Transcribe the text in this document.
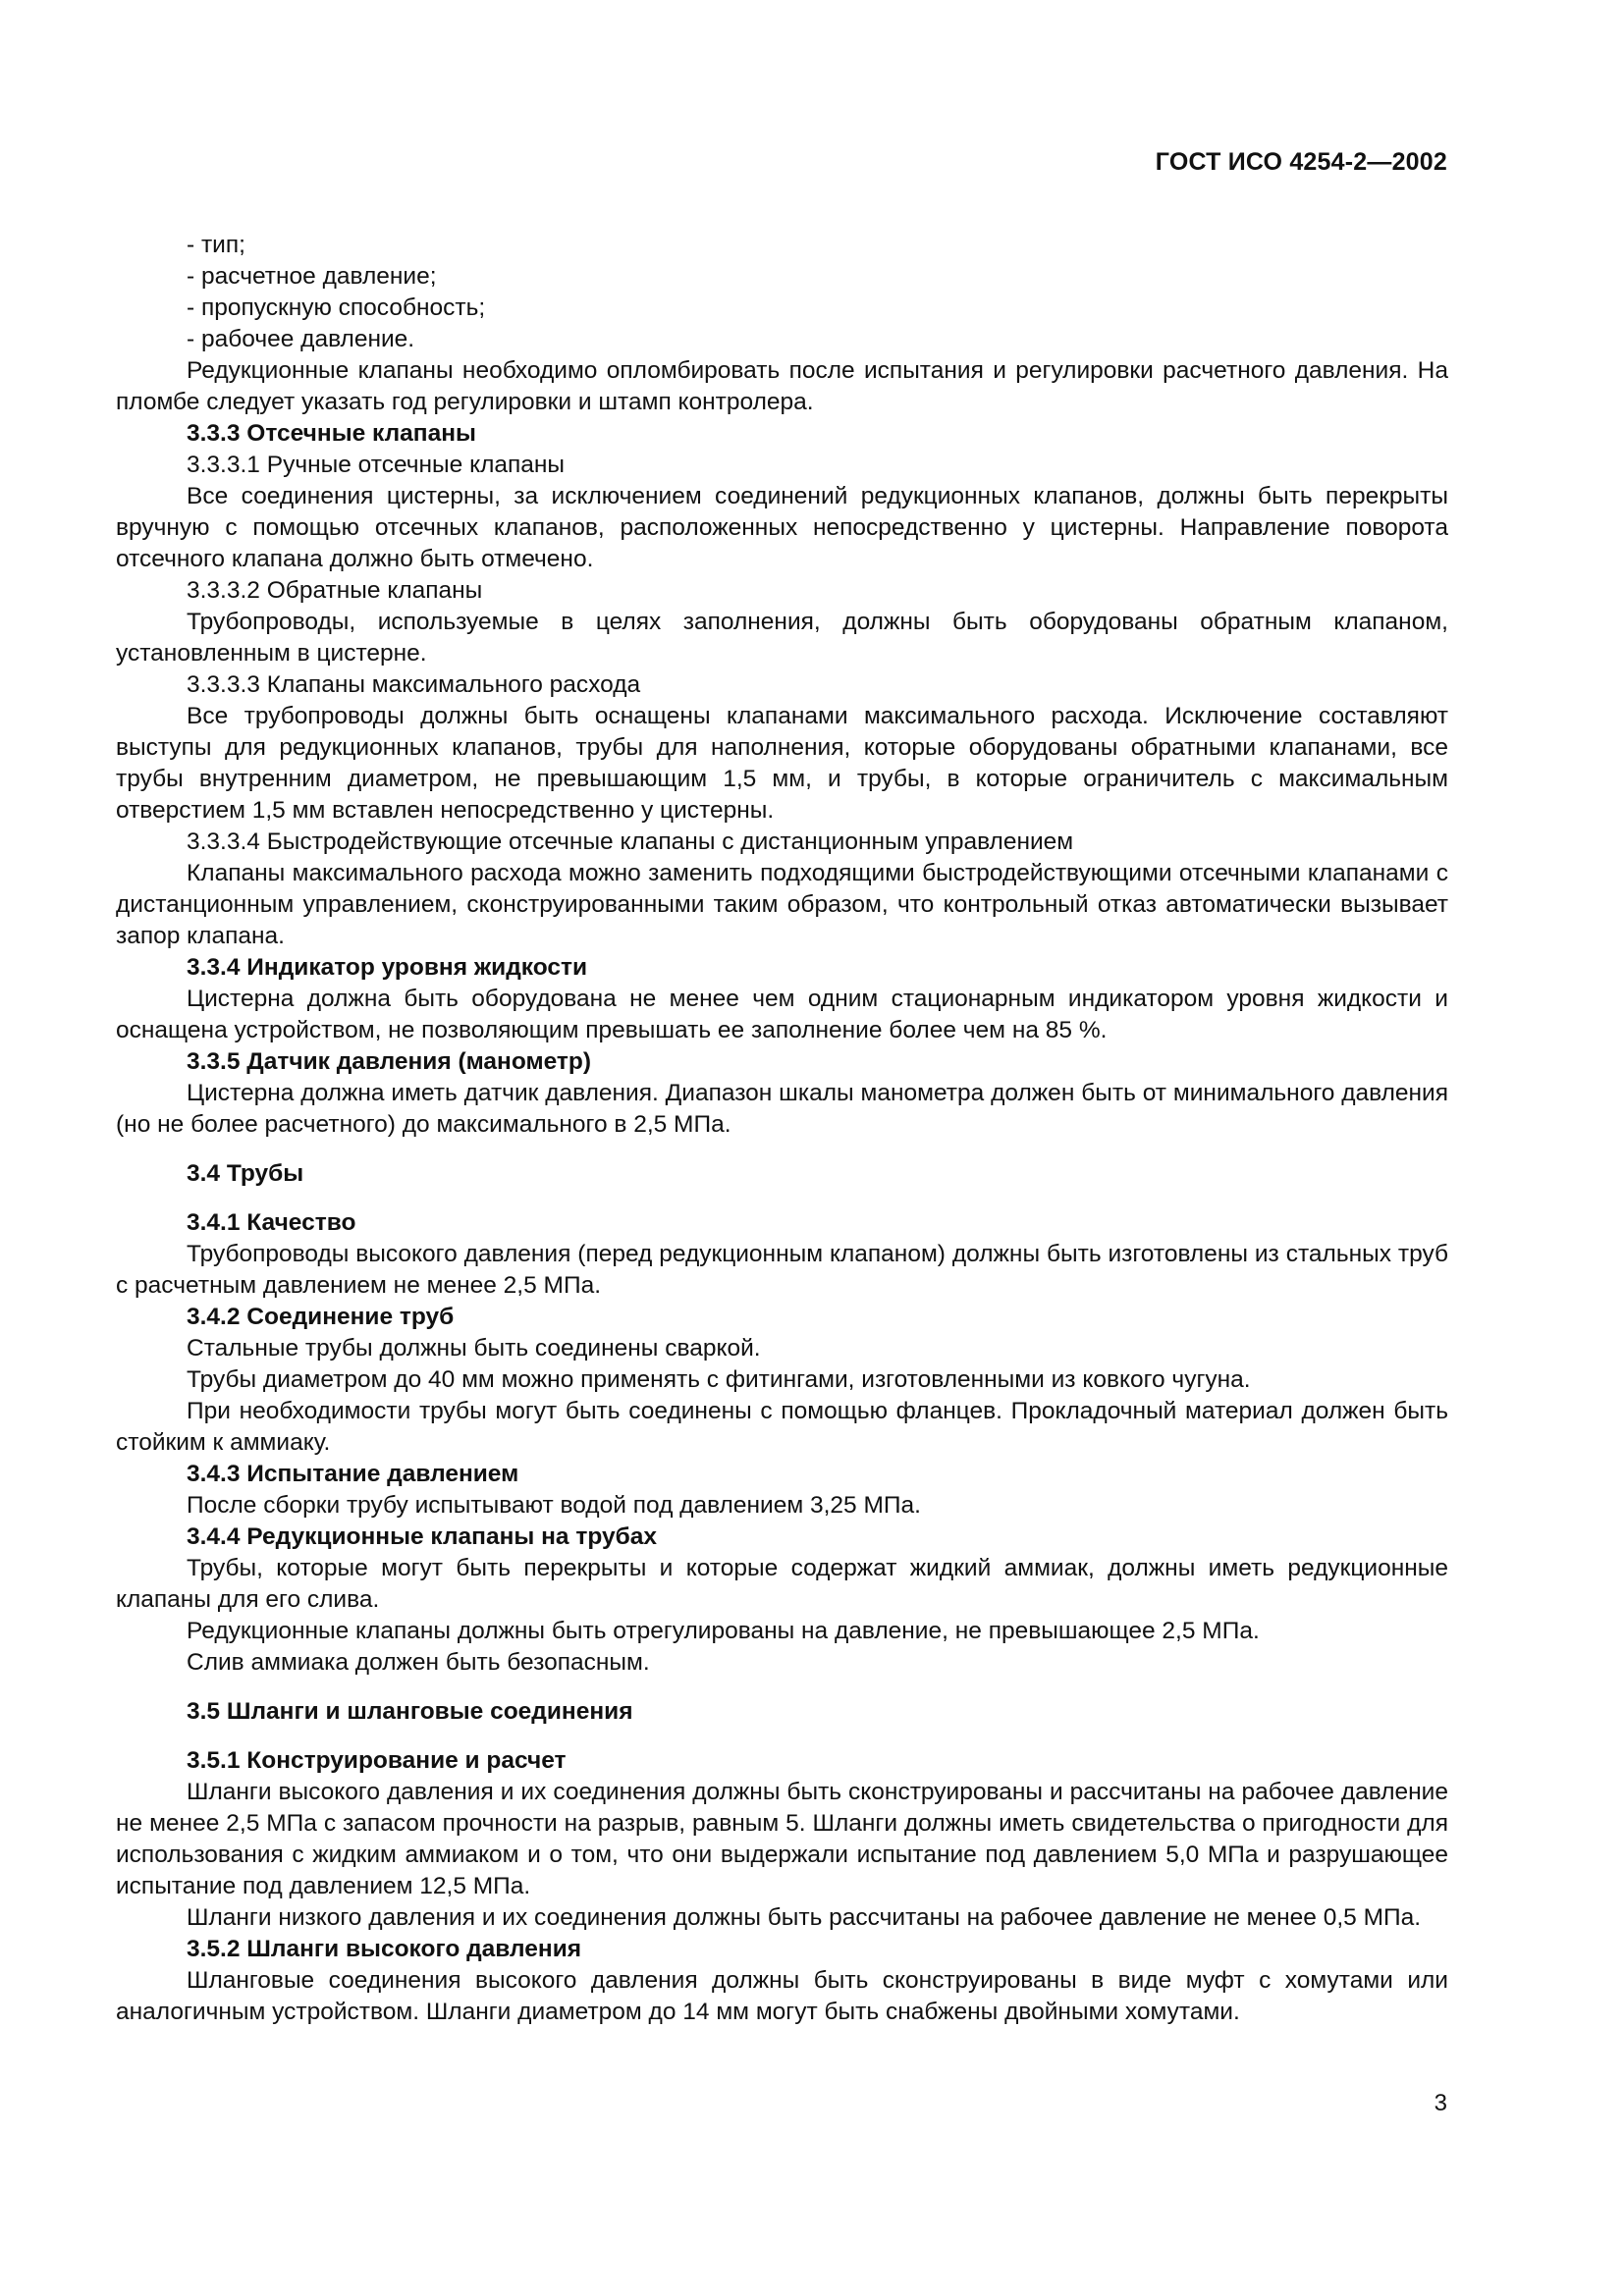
ГОСТ ИСО 4254-2—2002

- тип;

- расчетное давление;

- пропускную способность;

- рабочее давление.

Редукционные клапаны необходимо опломбировать после испытания и регулировки расчетного давления. На пломбе следует указать год регулировки и штамп контролера.

3.3.3 Отсечные клапаны

3.3.3.1 Ручные отсечные клапаны

Все соединения цистерны, за исключением соединений редукционных клапанов, должны быть перекрыты вручную с помощью отсечных клапанов, расположенных непосредственно у цистерны. Направление поворота отсечного клапана должно быть отмечено.

3.3.3.2 Обратные клапаны

Трубопроводы, используемые в целях заполнения, должны быть оборудованы обратным клапаном, установленным в цистерне.

3.3.3.3 Клапаны максимального расхода

Все трубопроводы должны быть оснащены клапанами максимального расхода. Исключение составляют выступы для редукционных клапанов, трубы для наполнения, которые оборудованы обратными клапанами, все трубы внутренним диаметром, не превышающим 1,5 мм, и трубы, в которые ограничитель с максимальным отверстием 1,5 мм вставлен непосредственно у цистерны.

3.3.3.4 Быстродействующие отсечные клапаны с дистанционным управлением

Клапаны максимального расхода можно заменить подходящими быстродействующими отсечными клапанами с дистанционным управлением, сконструированными таким образом, что контрольный отказ автоматически вызывает запор клапана.

3.3.4 Индикатор уровня жидкости

Цистерна должна быть оборудована не менее чем одним стационарным индикатором уровня жидкости и оснащена устройством, не позволяющим превышать ее заполнение более чем на 85 %.

3.3.5 Датчик давления (манометр)

Цистерна должна иметь датчик давления. Диапазон шкалы манометра должен быть от минимального давления (но не более расчетного) до максимального в 2,5 МПа.

3.4 Трубы

3.4.1 Качество

Трубопроводы высокого давления (перед редукционным клапаном) должны быть изготовлены из стальных труб с расчетным давлением не менее 2,5 МПа.

3.4.2 Соединение труб

Стальные трубы должны быть соединены сваркой.

Трубы диаметром до 40 мм можно применять с фитингами, изготовленными из ковкого чугуна.

При необходимости трубы могут быть соединены с помощью фланцев. Прокладочный материал должен быть стойким к аммиаку.

3.4.3 Испытание давлением

После сборки трубу испытывают водой под давлением 3,25 МПа.

3.4.4 Редукционные клапаны на трубах

Трубы, которые могут быть перекрыты и которые содержат жидкий аммиак, должны иметь редукционные клапаны для его слива.

Редукционные клапаны должны быть отрегулированы на давление, не превышающее 2,5 МПа.

Слив аммиака должен быть безопасным.

3.5 Шланги и шланговые соединения

3.5.1 Конструирование и расчет

Шланги высокого давления и их соединения должны быть сконструированы и рассчитаны на рабочее давление не менее 2,5 МПа с запасом прочности на разрыв, равным 5. Шланги должны иметь свидетельства о пригодности для использования с жидким аммиаком и о том, что они выдержали испытание под давлением 5,0 МПа и разрушающее испытание под давлением 12,5 МПа.

Шланги низкого давления и их соединения должны быть рассчитаны на рабочее давление не менее 0,5 МПа.

3.5.2 Шланги высокого давления

Шланговые соединения высокого давления должны быть сконструированы в виде муфт с хомутами или аналогичным устройством. Шланги диаметром до 14 мм могут быть снабжены двойными хомутами.

3
